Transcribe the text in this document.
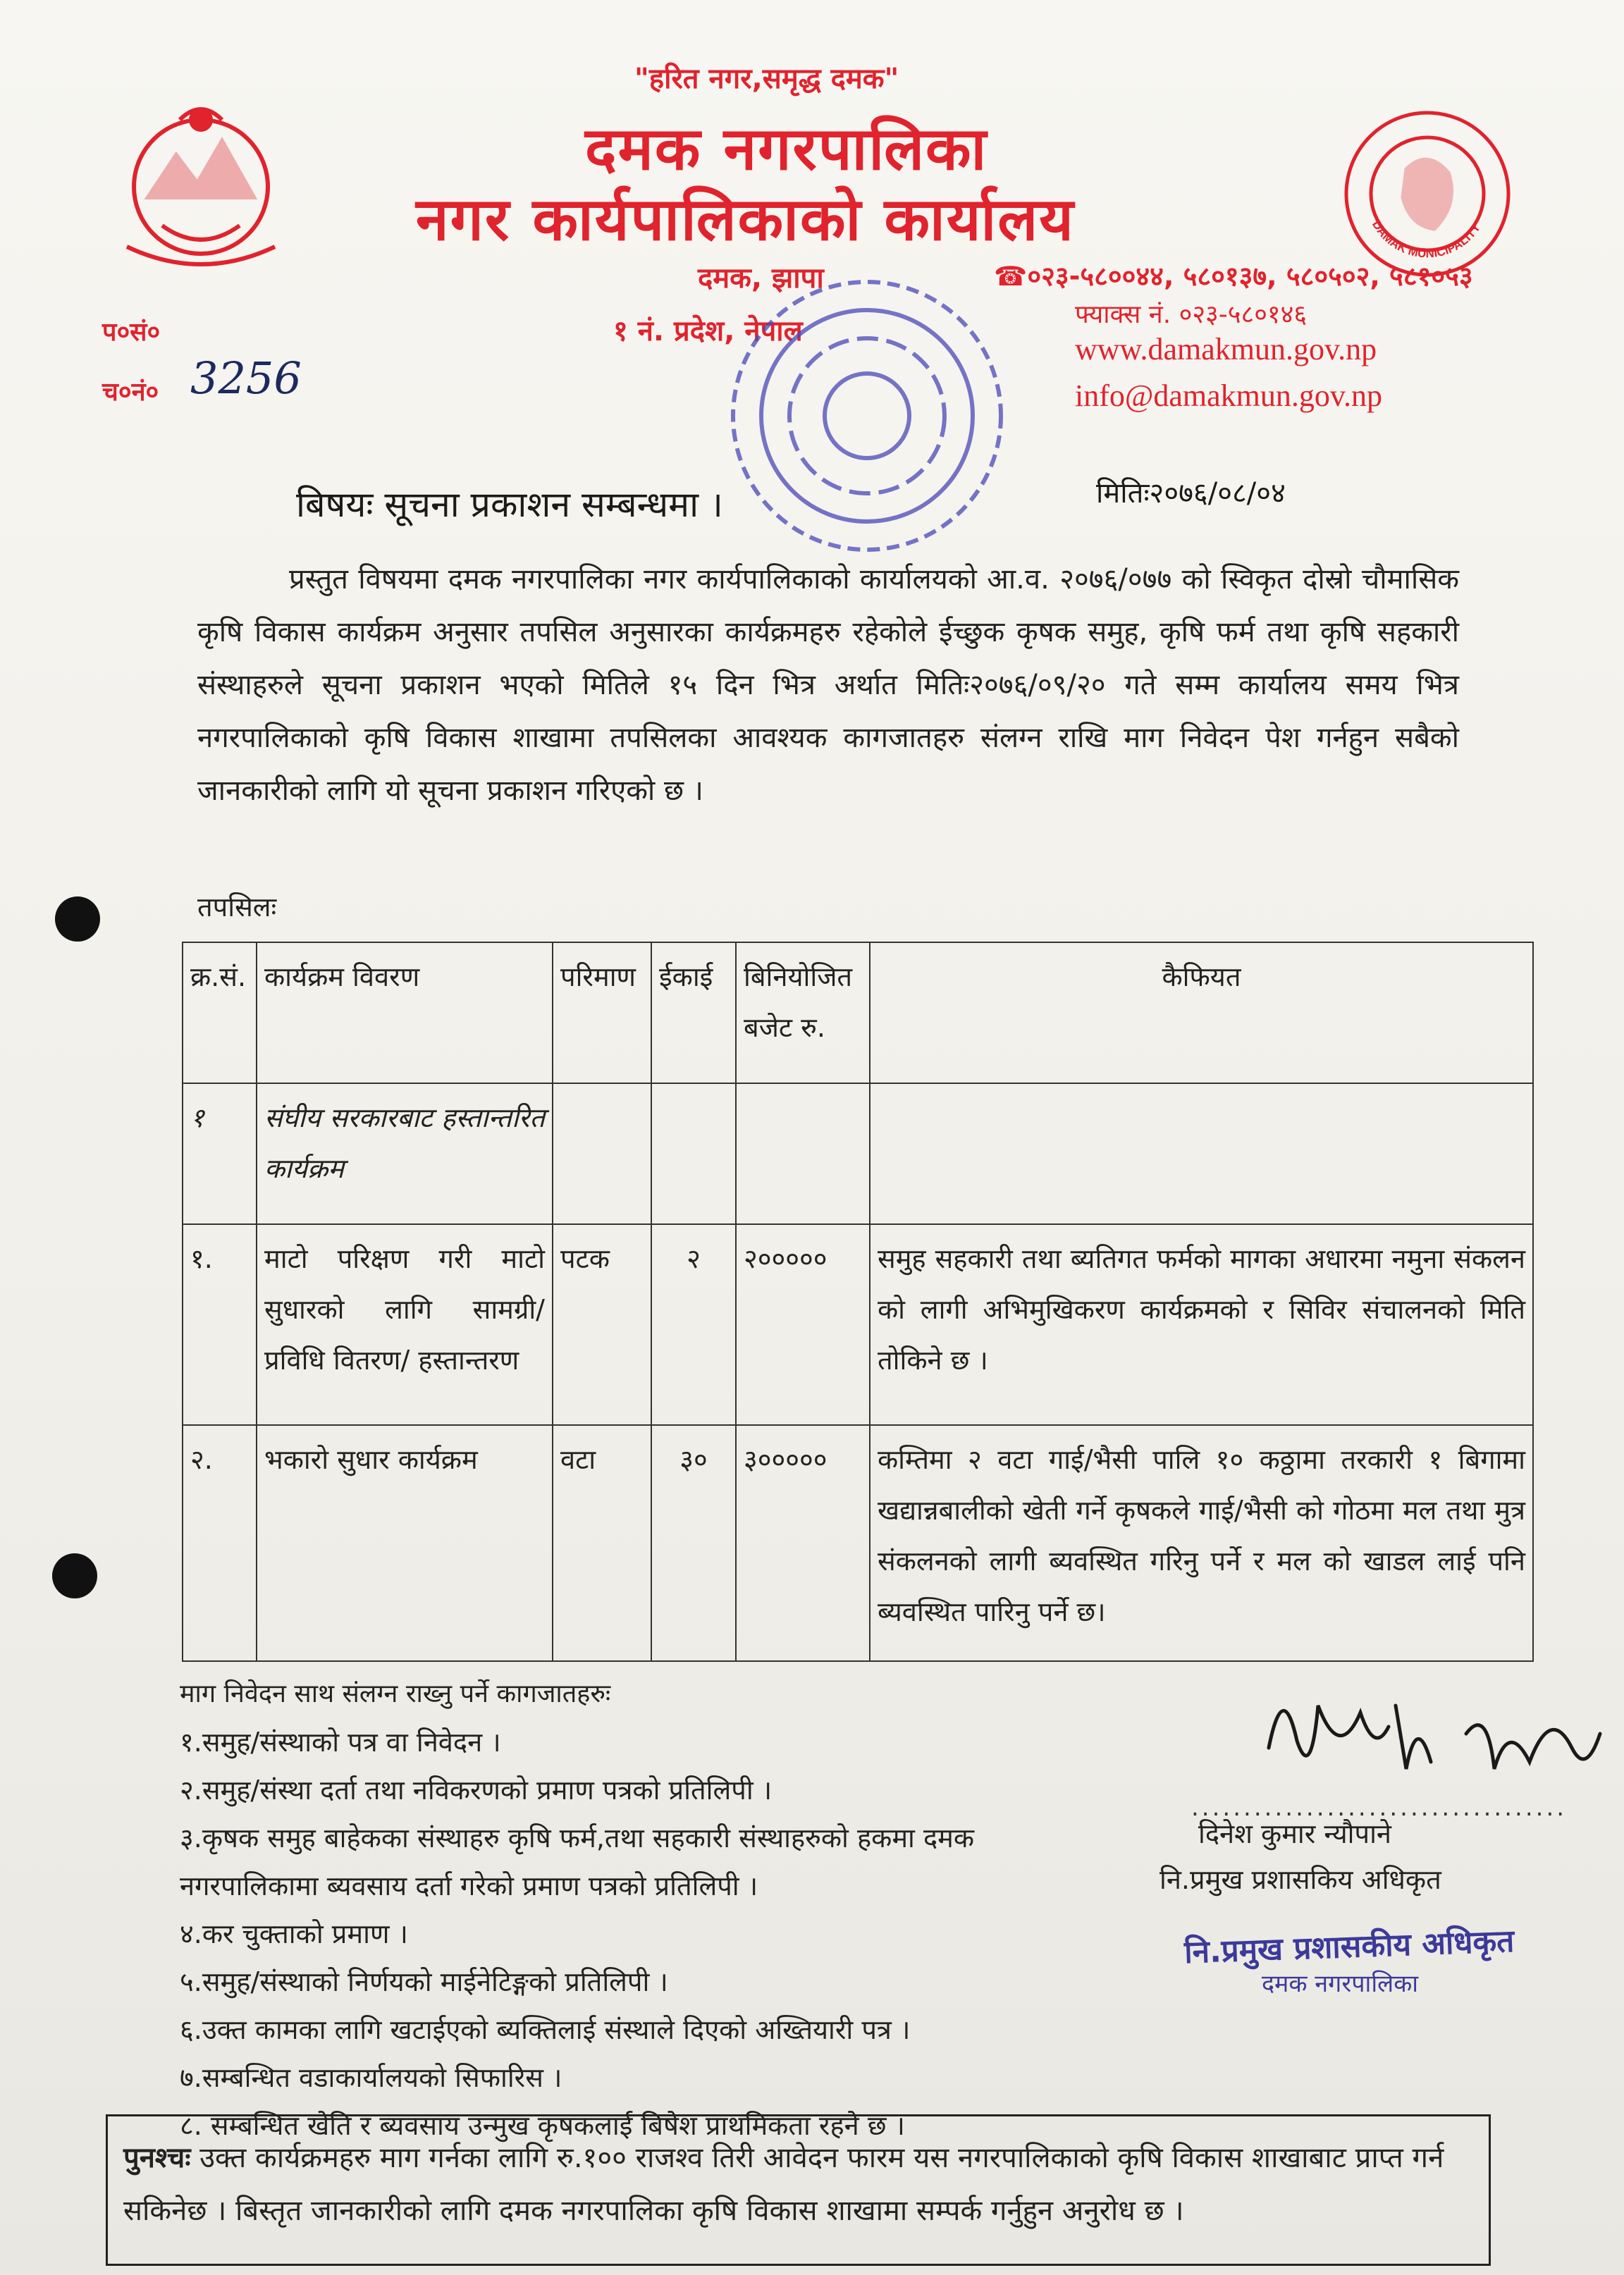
DAMAK MUNICIPALITY
"हरित नगर,समृद्ध दमक"
दमक नगरपालिका
नगर कार्यपालिकाको कार्यालय
दमक, झापा
१ नं. प्रदेश, नेपाल
☎०२३-५८००४४, ५८०१३७, ५८०५०२, ५८१०५३
फ्याक्स नं. ०२३-५८०१४६
www.damakmun.gov.np
info@damakmun.gov.np
प०सं०
च०नं० 3256
बिषयः सूचना प्रकाशन सम्बन्धमा ।	मितिः२०७६/०८/०४
प्रस्तुत विषयमा दमक नगरपालिका नगर कार्यपालिकाको कार्यालयको आ.व. २०७६/०७७ को स्विकृत दोस्रो चौमासिक कृषि विकास कार्यक्रम अनुसार तपसिल अनुसारका कार्यक्रमहरु रहेकोले ईच्छुक कृषक समुह, कृषि फर्म तथा कृषि सहकारी संस्थाहरुले सूचना प्रकाशन भएको मितिले १५ दिन भित्र अर्थात मितिः२०७६/०९/२० गते सम्म कार्यालय समय भित्र नगरपालिकाको कृषि विकास शाखामा तपसिलका आवश्यक कागजातहरु संलग्न राखि माग निवेदन पेश गर्नहुन सबैको जानकारीको लागि यो सूचना प्रकाशन गरिएको छ ।
तपसिलः
क्र.सं.	कार्यक्रम विवरण	परिमाण	ईकाई	बिनियोजित बजेट रु.	कैफियत
१	संघीय सरकारबाट हस्तान्तरित कार्यक्रम				
१.	माटो परिक्षण गरी माटो सुधारको लागि सामग्री/ प्रविधि वितरण/ हस्तान्तरण	पटक	२	२०००००	समुह सहकारी तथा ब्यतिगत फर्मको मागका अधारमा नमुना संकलन को लागी अभिमुखिकरण कार्यक्रमको र सिविर संचालनको मिति तोकिने छ ।
२.	भकारो सुधार कार्यक्रम	वटा	३०	३०००००	कम्तिमा २ वटा गाई/भैसी पालि १० कठ्ठामा तरकारी १ बिगामा खद्यान्नबालीको खेती गर्ने कृषकले गाई/भैसी को गोठमा मल तथा मुत्र संकलनको लागी ब्यवस्थित गरिनु पर्ने र मल को खाडल लाई पनि ब्यवस्थित पारिनु पर्ने छ।
माग निवेदन साथ संलग्न राख्नु पर्ने कागजातहरुः
१.समुह/संस्थाको पत्र वा निवेदन ।
२.समुह/संस्था दर्ता तथा नविकरणको प्रमाण पत्रको प्रतिलिपी ।
३.कृषक समुह बाहेकका संस्थाहरु कृषि फर्म,तथा सहकारी संस्थाहरुको हकमा दमक
नगरपालिकामा ब्यवसाय दर्ता गरेको प्रमाण पत्रको प्रतिलिपी ।
४.कर चुक्ताको प्रमाण ।
५.समुह/संस्थाको निर्णयको माईनेटिङ्गको प्रतिलिपी ।
६.उक्त कामका लागि खटाईएको ब्यक्तिलाई संस्थाले दिएको अख्तियारी पत्र ।
७.सम्बन्धित वडाकार्यालयको सिफारिस ।
८. सम्बन्धित खेति र ब्यवसाय उन्मुख कृषकलाई बिषेश प्राथमिकता रहने छ ।
....................................
दिनेश कुमार न्यौपाने
नि.प्रमुख प्रशासकिय अधिकृत
नि.प्रमुख प्रशासकीय अधिकृत
दमक नगरपालिका
पुनश्चः उक्त कार्यक्रमहरु माग गर्नका लागि रु.१०० राजश्व तिरी आवेदन फारम यस नगरपालिकाको कृषि विकास शाखाबाट प्राप्त गर्न सकिनेछ । बिस्तृत जानकारीको लागि दमक नगरपालिका कृषि विकास शाखामा सम्पर्क गर्नुहुन अनुरोध छ ।
